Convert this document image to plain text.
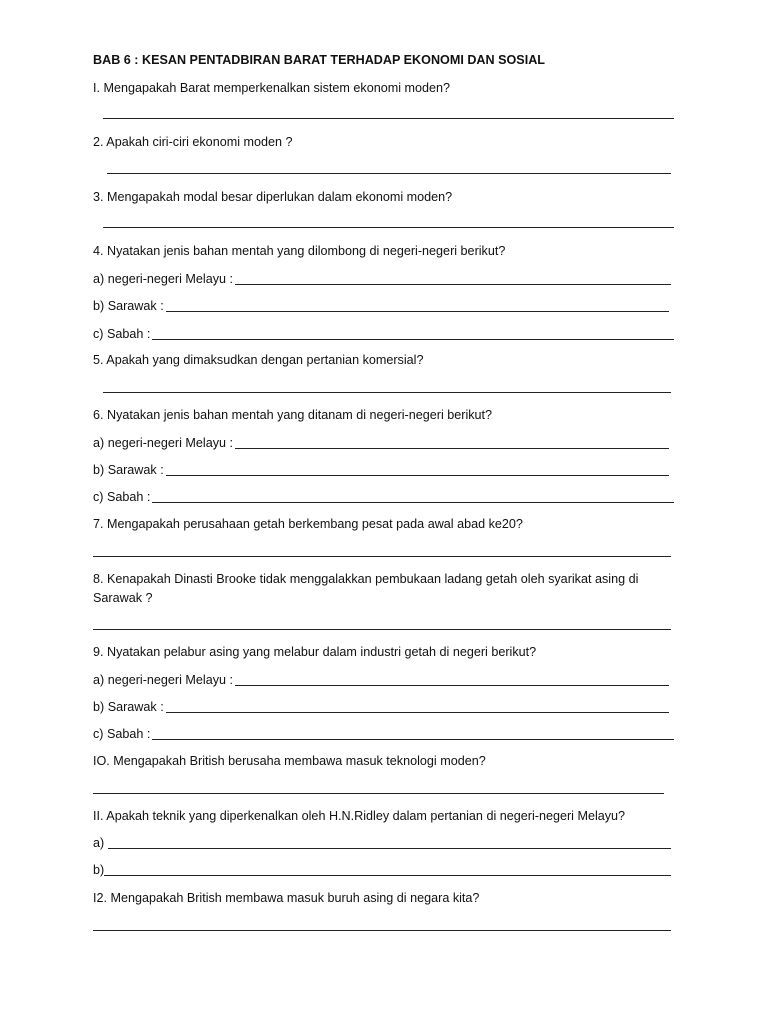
BAB 6 : KESAN PENTADBIRAN BARAT TERHADAP EKONOMI DAN SOSIAL

I. Mengapakah Barat memperkenalkan sistem ekonomi moden?

2. Apakah ciri-ciri ekonomi moden ?

3. Mengapakah modal besar diperlukan dalam ekonomi moden?

4. Nyatakan jenis bahan mentah yang dilombong di negeri-negeri berikut?

a) negeri-negeri Melayu :
b) Sarawak :
c) Sabah :

5. Apakah yang dimaksudkan dengan pertanian komersial?

6. Nyatakan jenis bahan mentah yang ditanam di negeri-negeri berikut?

a) negeri-negeri Melayu :
b) Sarawak :
c) Sabah :

7. Mengapakah perusahaan getah berkembang pesat pada awal abad ke20?

8. Kenapakah Dinasti Brooke tidak menggalakkan pembukaan ladang getah oleh syarikat asing di Sarawak ?

9. Nyatakan pelabur asing yang melabur dalam industri getah di negeri berikut?

a) negeri-negeri Melayu :
b) Sarawak :
c) Sabah :

IO. Mengapakah British berusaha membawa masuk teknologi moden?

II. Apakah teknik yang diperkenalkan oleh H.N.Ridley dalam pertanian di negeri-negeri Melayu?

a)
b)

I2. Mengapakah British membawa masuk buruh asing di negara kita?
